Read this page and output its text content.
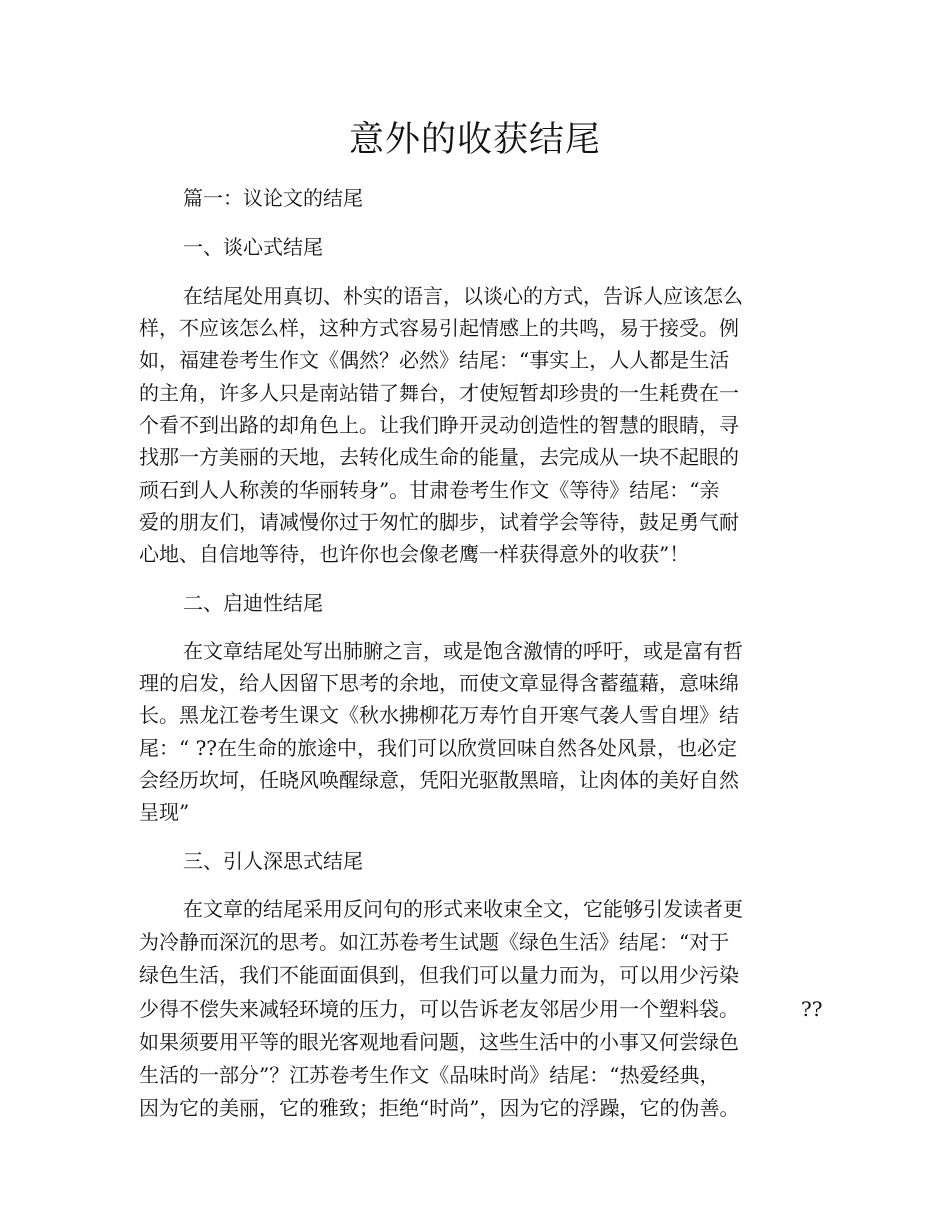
意外的收获结尾
篇一：议论文的结尾
一、谈心式结尾
在结尾处用真切、朴实的语言，以谈心的方式，告诉人应该怎么
样，不应该怎么样，这种方式容易引起情感上的共鸣，易于接受。例
如，福建卷考生作文《偶然？必然》结尾：“事实上，人人都是生活
的主角，许多人只是南站错了舞台，才使短暂却珍贵的一生耗费在一
个看不到出路的却角色上。让我们睁开灵动创造性的智慧的眼睛，寻
找那一方美丽的天地，去转化成生命的能量，去完成从一块不起眼的
顽石到人人称羡的华丽转身”。甘肃卷考生作文《等待》结尾：“亲
爱的朋友们，请减慢你过于匆忙的脚步，试着学会等待，鼓足勇气耐
心地、自信地等待，也许你也会像老鹰一样获得意外的收获”！
二、启迪性结尾
在文章结尾处写出肺腑之言，或是饱含激情的呼吁，或是富有哲
理的启发，给人因留下思考的余地，而使文章显得含蓄蕴藉，意味绵
长。黑龙江卷考生课文《秋水拂柳花万寿竹自开寒气袭人雪自埋》结
尾：“ ??在生命的旅途中，我们可以欣赏回味自然各处风景，也必定
会经历坎坷，任晓风唤醒绿意，凭阳光驱散黑暗，让肉体的美好自然
呈现”
三、引人深思式结尾
在文章的结尾采用反问句的形式来收束全文，它能够引发读者更
为冷静而深沉的思考。如江苏卷考生试题《绿色生活》结尾：“对于
绿色生活，我们不能面面俱到，但我们可以量力而为，可以用少污染
少得不偿失来减轻环境的压力，可以告诉老友邻居少用一个塑料袋。
如果须要用平等的眼光客观地看问题，这些生活中的小事又何尝绿色
生活的一部分”？江苏卷考生作文《品味时尚》结尾：“热爱经典，
因为它的美丽，它的雅致；拒绝“时尚”，因为它的浮躁，它的伪善。
??
